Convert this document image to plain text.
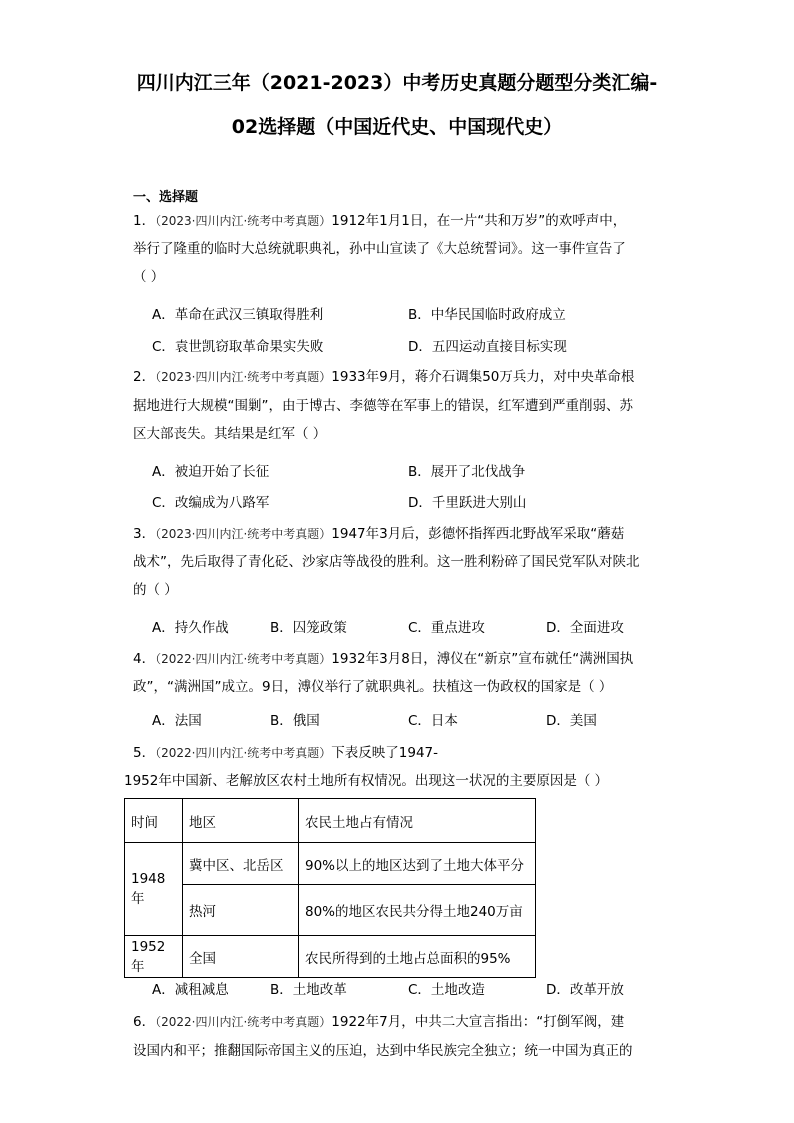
四川内江三年（2021-2023）中考历史真题分题型分类汇编-
02选择题（中国近代史、中国现代史）
一、选择题
1．（2023·四川内江·统考中考真题）1912年1月1日，在一片“共和万岁”的欢呼声中，
举行了隆重的临时大总统就职典礼，孙中山宣读了《大总统誓词》。这一事件宣告了
（ ）
A．革命在武汉三镇取得胜利	B．中华民国临时政府成立
C．袁世凯窃取革命果实失败	D．五四运动直接目标实现
2．（2023·四川内江·统考中考真题）1933年9月，蒋介石调集50万兵力，对中央革命根
据地进行大规模“围剿”，由于博古、李德等在军事上的错误，红军遭到严重削弱、苏
区大部丧失。其结果是红军（ ）
A．被迫开始了长征	B．展开了北伐战争
C．改编成为八路军	D．千里跃进大别山
3．（2023·四川内江·统考中考真题）1947年3月后，彭德怀指挥西北野战军采取“蘑菇
战术”，先后取得了青化砭、沙家店等战役的胜利。这一胜利粉碎了国民党军队对陕北
的（ ）
A．持久作战	B．囚笼政策	C．重点进攻	D．全面进攻
4．（2022·四川内江·统考中考真题）1932年3月8日，溥仪在“新京”宣布就任“满洲国执
政”，“满洲国”成立。9日，溥仪举行了就职典礼。扶植这一伪政权的国家是（ ）
A．法国	B．俄国	C．日本	D．美国
5．（2022·四川内江·统考中考真题）下表反映了1947-
1952年中国新、老解放区农村土地所有权情况。出现这一状况的主要原因是（ ）
时间	地区	农民土地占有情况
1948年	冀中区、北岳区	90%以上的地区达到了土地大体平分
	热河	80%的地区农民共分得土地240万亩
1952年	全国	农民所得到的土地占总面积的95%
A．减租减息	B．土地改革	C．土地改造	D．改革开放
6．（2022·四川内江·统考中考真题）1922年7月，中共二大宣言指出：“打倒军阀，建
设国内和平；推翻国际帝国主义的压迫，达到中华民族完全独立；统一中国为真正的
